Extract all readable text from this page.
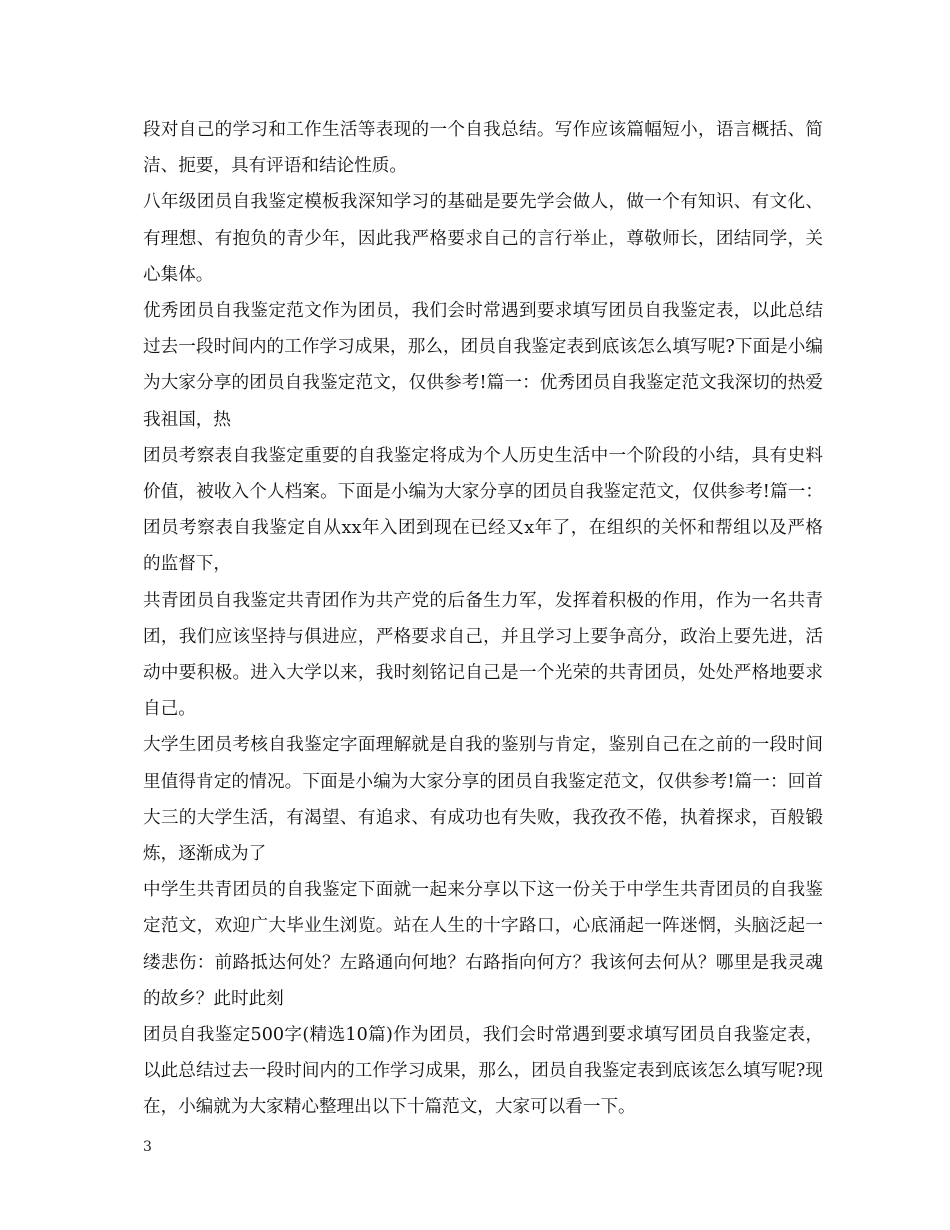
段对自己的学习和工作生活等表现的一个自我总结。写作应该篇幅短小，语言概括、简洁、扼要，具有评语和结论性质。

八年级团员自我鉴定模板我深知学习的基础是要先学会做人，做一个有知识、有文化、有理想、有抱负的青少年，因此我严格要求自己的言行举止，尊敬师长，团结同学，关心集体。

优秀团员自我鉴定范文作为团员，我们会时常遇到要求填写团员自我鉴定表，以此总结过去一段时间内的工作学习成果，那么，团员自我鉴定表到底该怎么填写呢?下面是小编为大家分享的团员自我鉴定范文，仅供参考!篇一：优秀团员自我鉴定范文我深切的热爱我祖国，热

团员考察表自我鉴定重要的自我鉴定将成为个人历史生活中一个阶段的小结，具有史料价值，被收入个人档案。下面是小编为大家分享的团员自我鉴定范文，仅供参考!篇一：团员考察表自我鉴定自从xx年入团到现在已经又x年了，在组织的关怀和帮组以及严格的监督下，

共青团员自我鉴定共青团作为共产党的后备生力军，发挥着积极的作用，作为一名共青团，我们应该坚持与俱进应，严格要求自己，并且学习上要争高分，政治上要先进，活动中要积极。进入大学以来，我时刻铭记自己是一个光荣的共青团员，处处严格地要求自己。

大学生团员考核自我鉴定字面理解就是自我的鉴别与肯定，鉴别自己在之前的一段时间里值得肯定的情况。下面是小编为大家分享的团员自我鉴定范文，仅供参考!篇一：回首大三的大学生活，有渴望、有追求、有成功也有失败，我孜孜不倦，执着探求，百般锻炼，逐渐成为了

中学生共青团员的自我鉴定下面就一起来分享以下这一份关于中学生共青团员的自我鉴定范文，欢迎广大毕业生浏览。站在人生的十字路口，心底涌起一阵迷惘，头脑泛起一缕悲伤：前路抵达何处？左路通向何地？右路指向何方？我该何去何从？哪里是我灵魂的故乡？此时此刻

团员自我鉴定500字(精选10篇)作为团员，我们会时常遇到要求填写团员自我鉴定表，以此总结过去一段时间内的工作学习成果，那么，团员自我鉴定表到底该怎么填写呢?现在，小编就为大家精心整理出以下十篇范文，大家可以看一下。

3
